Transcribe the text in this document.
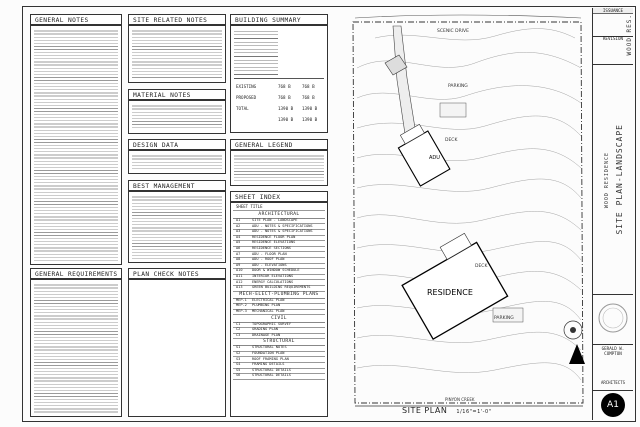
GENERAL NOTES
GENERAL REQUIREMENTS
SITE RELATED NOTES
MATERIAL NOTES
DESIGN DATA
BEST MANAGEMENT
PLAN CHECK NOTES
BUILDING SUMMARY
EXISTING	768 B	768 B
PROPOSED	768 B	768 B
TOTAL	1390 B 1390 B
1390 B 1390 B
GENERAL LEGEND
SHEET INDEX
SHEET TITLE
ARCHITECTURAL
A1	SITE PLAN - LANDSCAPE
A2	ADU - NOTES & SPECIFICATIONS
A3	ADU - NOTES & SPECIFICATIONS
A4	RESIDENCE FLOOR PLAN
A5	RESIDENCE ELEVATIONS
A6	RESIDENCE SECTIONS
A7	ADU - FLOOR PLAN
A8	ADU - ROOF PLAN
A9	ADU - ELEVATIONS
A10	DOOR & WINDOW SCHEDULE
A11	INTERIOR ELEVATIONS
A12	ENERGY CALCULATIONS
A13	GREEN BUILDING REQUIREMENTS
MECH-ELECT-PLUMBING PLANS
MEP-1 ELECTRICAL PLAN
MEP-2 PLUMBING PLAN
MEP-3 MECHANICAL PLAN
CIVIL
C1	TOPOGRAPHIC SURVEY
C2	GRADING PLAN
C3	DRAINAGE PLAN
STRUCTURAL
S1	STRUCTURAL NOTES
S2	FOUNDATION PLAN
S3	ROOF FRAMING PLAN
S4	FRAMING DETAILS
S5	STRUCTURAL DETAILS
S6	STRUCTURAL DETAILS
SCENIC DRIVE
PARKING
DECK
ADU
DECK
RESIDENCE
PARKING
PINYON CREEK
SITE PLAN 1/16"=1'-0"
ISSUANCE
REVISION
SITE PLAN-LANDSCAPE
WOOD RESIDENCE
GERALD W. COMPTON
ARCHITECTS
A1
WOOD RES.
